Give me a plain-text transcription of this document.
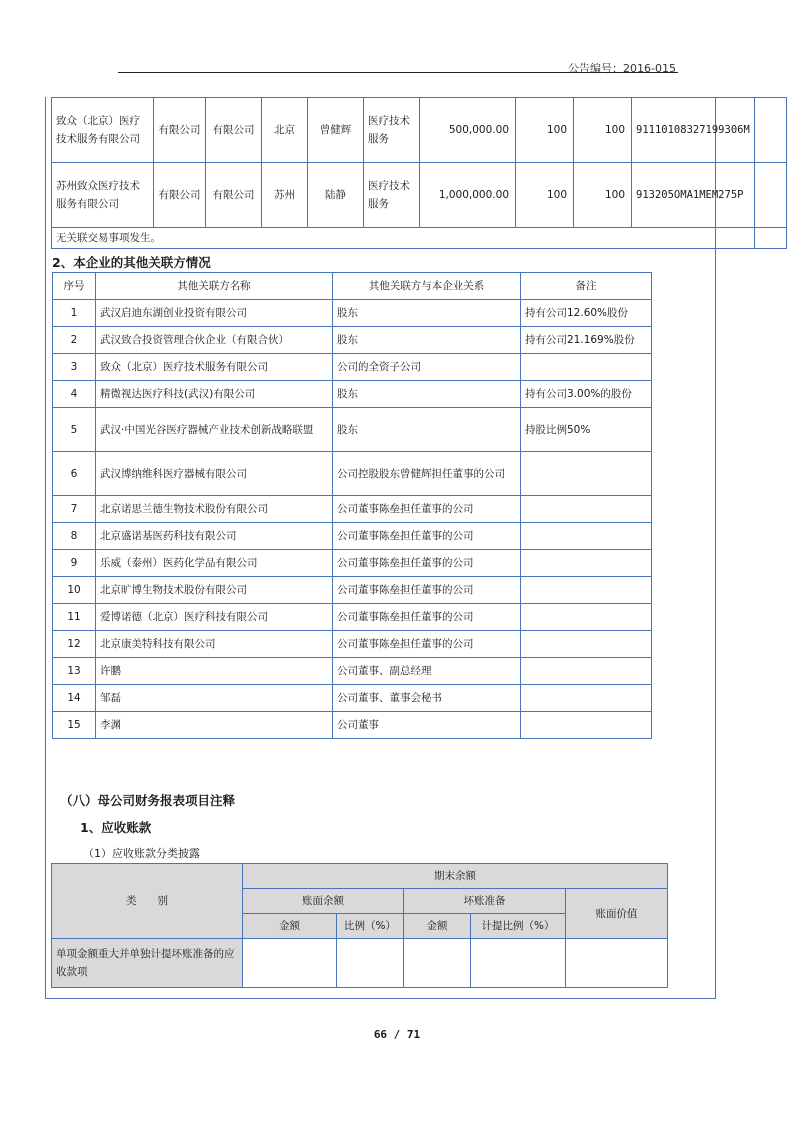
公告编号：2016-015
致众（北京）医疗技术服务有限公司	有限公司	有限公司	北京	曾健辉	医疗技术服务	500,000.00	100	100	91110108327199306M	
苏州致众医疗技术服务有限公司	有限公司	有限公司	苏州	陆静	医疗技术服务	1,000,000.00	100	100	913205OMA1MEM275P	
无关联交易事项发生。										
2、本企业的其他关联方情况
序号	其他关联方名称	其他关联方与本企业关系	备注
1	武汉启迪东湖创业投资有限公司	股东	持有公司12.60%股份
2	武汉致合投资管理合伙企业（有限合伙）	股东	持有公司21.169%股份
3	致众（北京）医疗技术服务有限公司	公司的全资子公司	
4	精微视达医疗科技(武汉)有限公司	股东	持有公司3.00%的股份
5	武汉·中国光谷医疗器械产业技术创新战略联盟	股东	持股比例50%
6	武汉博纳维科医疗器械有限公司	公司控股股东曾健辉担任董事的公司	
7	北京诺思兰德生物技术股份有限公司	公司董事陈垒担任董事的公司	
8	北京盛诺基医药科技有限公司	公司董事陈垒担任董事的公司	
9	乐威（泰州）医药化学品有限公司	公司董事陈垒担任董事的公司	
10	北京旷博生物技术股份有限公司	公司董事陈垒担任董事的公司	
11	爱博诺德（北京）医疗科技有限公司	公司董事陈垒担任董事的公司	
12	北京康美特科技有限公司	公司董事陈垒担任董事的公司	
13	许鹏	公司董事、副总经理	
14	邹磊	公司董事、董事会秘书	
15	李渊	公司董事	
（八）母公司财务报表项目注释
1、应收账款
（1）应收账款分类披露
类　　别	期末余额				
	账面余额		坏账准备		账面价值
	金额	比例（%）	金额	计提比例（%）	
单项金额重大并单独计提坏账准备的应收款项					
66 / 71
